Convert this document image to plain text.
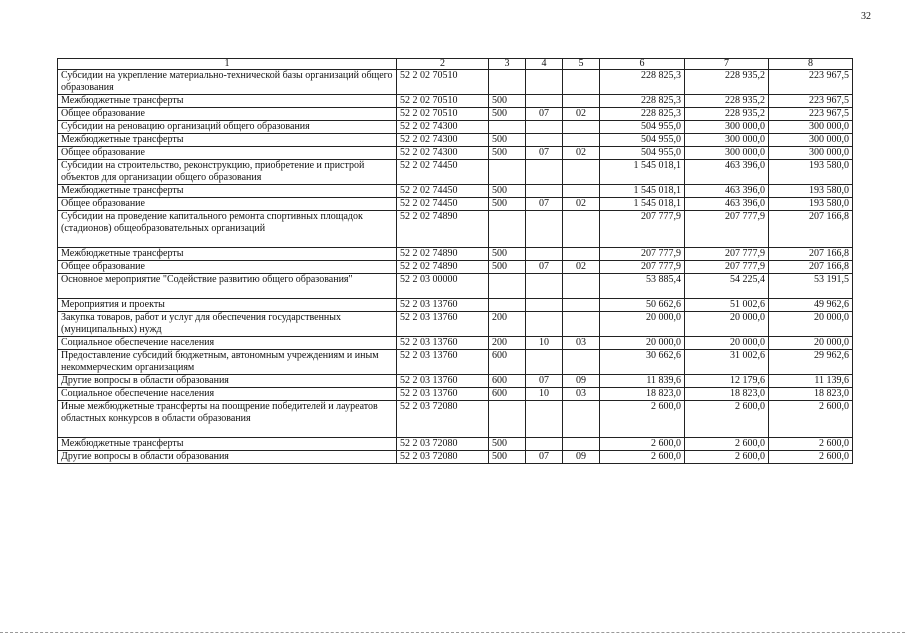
32
1	2	3	4	5	6	7	8
Субсидии на укрепление материально-технической базы организаций общего образования	52 2 02 70510				228 825,3	228 935,2	223 967,5
Межбюджетные трансферты	52 2 02 70510	500			228 825,3	228 935,2	223 967,5
Общее образование	52 2 02 70510	500	07	02	228 825,3	228 935,2	223 967,5
Субсидии на реновацию организаций общего образования	52 2 02 74300				504 955,0	300 000,0	300 000,0
Межбюджетные трансферты	52 2 02 74300	500			504 955,0	300 000,0	300 000,0
Общее образование	52 2 02 74300	500	07	02	504 955,0	300 000,0	300 000,0
Субсидии на строительство, реконструкцию, приобретение и пристрой объектов для организации общего образования	52 2 02 74450				1 545 018,1	463 396,0	193 580,0
Межбюджетные трансферты	52 2 02 74450	500			1 545 018,1	463 396,0	193 580,0
Общее образование	52 2 02 74450	500	07	02	1 545 018,1	463 396,0	193 580,0
Субсидии на проведение капитального ремонта спортивных площадок (стадионов) общеобразовательных организаций	52 2 02 74890				207 777,9	207 777,9	207 166,8
Межбюджетные трансферты	52 2 02 74890	500			207 777,9	207 777,9	207 166,8
Общее образование	52 2 02 74890	500	07	02	207 777,9	207 777,9	207 166,8
Основное мероприятие "Содействие развитию общего образования"	52 2 03 00000				53 885,4	54 225,4	53 191,5
Мероприятия и проекты	52 2 03 13760				50 662,6	51 002,6	49 962,6
Закупка товаров, работ и услуг для обеспечения государственных (муниципальных) нужд	52 2 03 13760	200			20 000,0	20 000,0	20 000,0
Социальное обеспечение населения	52 2 03 13760	200	10	03	20 000,0	20 000,0	20 000,0
Предоставление субсидий бюджетным, автономным учреждениям и иным некоммерческим организациям	52 2 03 13760	600			30 662,6	31 002,6	29 962,6
Другие вопросы в области образования	52 2 03 13760	600	07	09	11 839,6	12 179,6	11 139,6
Социальное обеспечение населения	52 2 03 13760	600	10	03	18 823,0	18 823,0	18 823,0
Иные межбюджетные трансферты на поощрение победителей и лауреатов областных конкурсов в области образования	52 2 03 72080				2 600,0	2 600,0	2 600,0
Межбюджетные трансферты	52 2 03 72080	500			2 600,0	2 600,0	2 600,0
Другие вопросы в области образования	52 2 03 72080	500	07	09	2 600,0	2 600,0	2 600,0
